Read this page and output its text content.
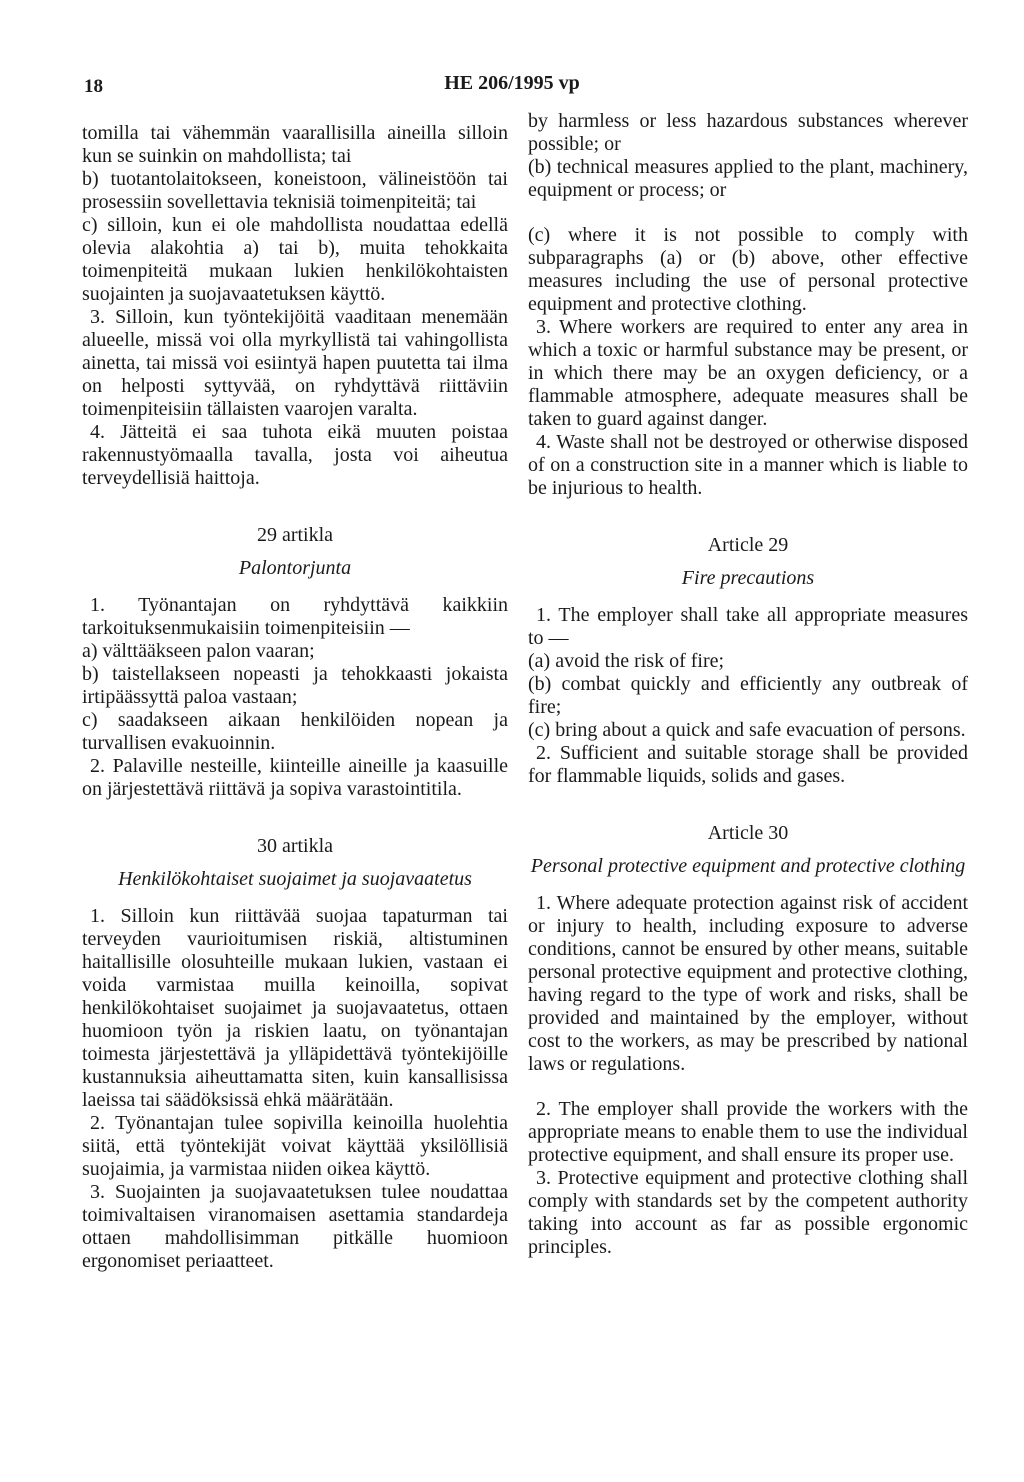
18	HE 206/1995 vp

tomilla tai vähemmän vaarallisilla aineilla silloin kun se suinkin on mahdollista; tai

b) tuotantolaitokseen, koneistoon, välineistöön tai prosessiin sovellettavia teknisiä toimenpiteitä; tai

c) silloin, kun ei ole mahdollista noudattaa edellä olevia alakohtia a) tai b), muita tehokkaita toimenpiteitä mukaan lukien henkilökohtaisten suojainten ja suojavaatetuksen käyttö.

3. Silloin, kun työntekijöitä vaaditaan menemään alueelle, missä voi olla myrkyllistä tai vahingollista ainetta, tai missä voi esiintyä hapen puutetta tai ilma on helposti syttyvää, on ryhdyttävä riittäviin toimenpiteisiin tällaisten vaarojen varalta.

4. Jätteitä ei saa tuhota eikä muuten poistaa rakennustyömaalla tavalla, josta voi aiheutua terveydellisiä haittoja.

29 artikla

Palontorjunta

1. Työnantajan on ryhdyttävä kaikkiin tarkoituksenmukaisiin toimenpiteisiin —

a) välttääkseen palon vaaran;

b) taistellakseen nopeasti ja tehokkaasti jokaista irtipäässyttä paloa vastaan;

c) saadakseen aikaan henkilöiden nopean ja turvallisen evakuoinnin.

2. Palaville nesteille, kiinteille aineille ja kaasuille on järjestettävä riittävä ja sopiva varastointitila.

30 artikla

Henkilökohtaiset suojaimet ja suojavaatetus

1. Silloin kun riittävää suojaa tapaturman tai terveyden vaurioitumisen riskiä, altistuminen haitallisille olosuhteille mukaan lukien, vastaan ei voida varmistaa muilla keinoilla, sopivat henkilökohtaiset suojaimet ja suojavaatetus, ottaen huomioon työn ja riskien laatu, on työnantajan toimesta järjestettävä ja ylläpidettävä työntekijöille kustannuksia aiheuttamatta siten, kuin kansallisissa laeissa tai säädöksissä ehkä määrätään.

2. Työnantajan tulee sopivilla keinoilla huolehtia siitä, että työntekijät voivat käyttää yksilöllisiä suojaimia, ja varmistaa niiden oikea käyttö.

3. Suojainten ja suojavaatetuksen tulee noudattaa toimivaltaisen viranomaisen asettamia standardeja ottaen mahdollisimman pitkälle huomioon ergonomiset periaatteet.

by harmless or less hazardous substances wherever possible; or

(b) technical measures applied to the plant, machinery, equipment or process; or

(c) where it is not possible to comply with subparagraphs (a) or (b) above, other effective measures including the use of personal protective equipment and protective clothing.

3. Where workers are required to enter any area in which a toxic or harmful substance may be present, or in which there may be an oxygen deficiency, or a flammable atmosphere, adequate measures shall be taken to guard against danger.

4. Waste shall not be destroyed or otherwise disposed of on a construction site in a manner which is liable to be injurious to health.

Article 29

Fire precautions

1. The employer shall take all appropriate measures to —

(a) avoid the risk of fire;

(b) combat quickly and efficiently any outbreak of fire;

(c) bring about a quick and safe evacuation of persons.

2. Sufficient and suitable storage shall be provided for flammable liquids, solids and gases.

Article 30

Personal protective equipment and protective clothing

1. Where adequate protection against risk of accident or injury to health, including exposure to adverse conditions, cannot be ensured by other means, suitable personal protective equipment and protective clothing, having regard to the type of work and risks, shall be provided and maintained by the employer, without cost to the workers, as may be prescribed by national laws or regulations.

2. The employer shall provide the workers with the appropriate means to enable them to use the individual protective equipment, and shall ensure its proper use.

3. Protective equipment and protective clothing shall comply with standards set by the competent authority taking into account as far as possible ergonomic principles.
